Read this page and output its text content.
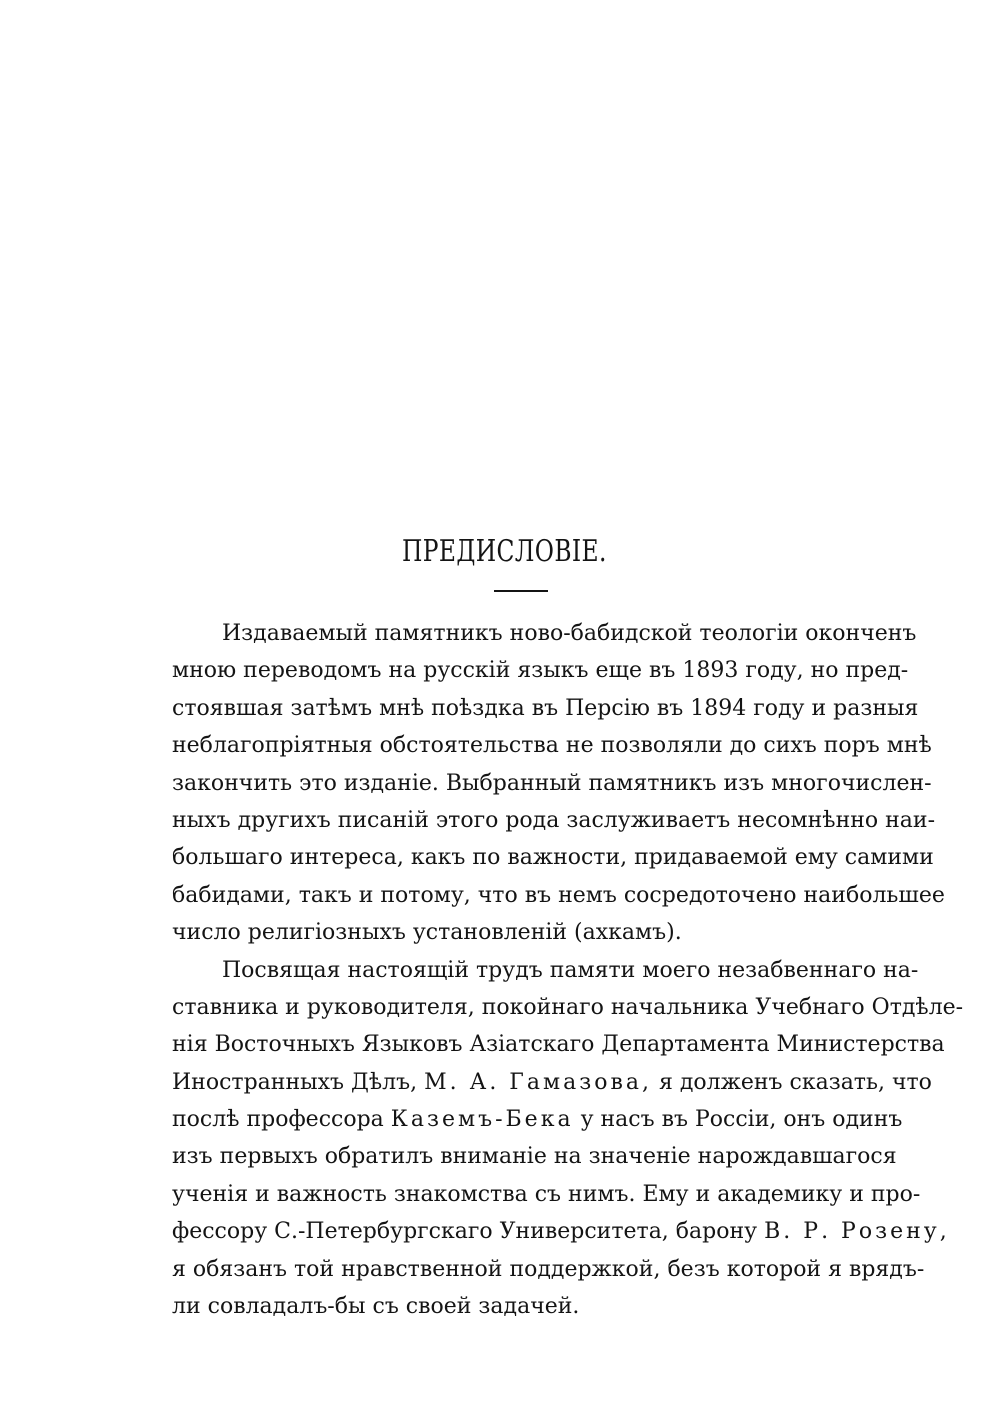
ПРЕДИСЛОВІЕ.
Издаваемый памятникъ ново-бабидской теологіи оконченъ
мною переводомъ на русскій языкъ еще въ 1893 году, но пред-
стоявшая затѣмъ мнѣ поѣздка въ Персію въ 1894 году и разныя
неблагопріятныя обстоятельства не позволяли до сихъ поръ мнѣ
закончить это изданіе. Выбранный памятникъ изъ многочислен-
ныхъ другихъ писаній этого рода заслуживаетъ несомнѣнно наи-
большаго интереса, какъ по важности, придаваемой ему самими
бабидами, такъ и потому, что въ немъ сосредоточено наибольшее
число религіозныхъ установленій (ахкамъ).
Посвящая настоящій трудъ памяти моего незабвеннаго на-
ставника и руководителя, покойнаго начальника Учебнаго Отдѣле-
нія Восточныхъ Языковъ Азіатскаго Департамента Министерства
Иностранныхъ Дѣлъ, М. А. Гамазова, я долженъ сказать, что
послѣ профессора Каземъ-Бека у насъ въ Россіи, онъ одинъ
изъ первыхъ обратилъ вниманіе на значеніе нарождавшагося
ученія и важность знакомства съ нимъ. Ему и академику и про-
фессору С.-Петербургскаго Университета, барону В. Р. Розену,
я обязанъ той нравственной поддержкой, безъ которой я врядъ-
ли совладалъ-бы съ своей задачей.
